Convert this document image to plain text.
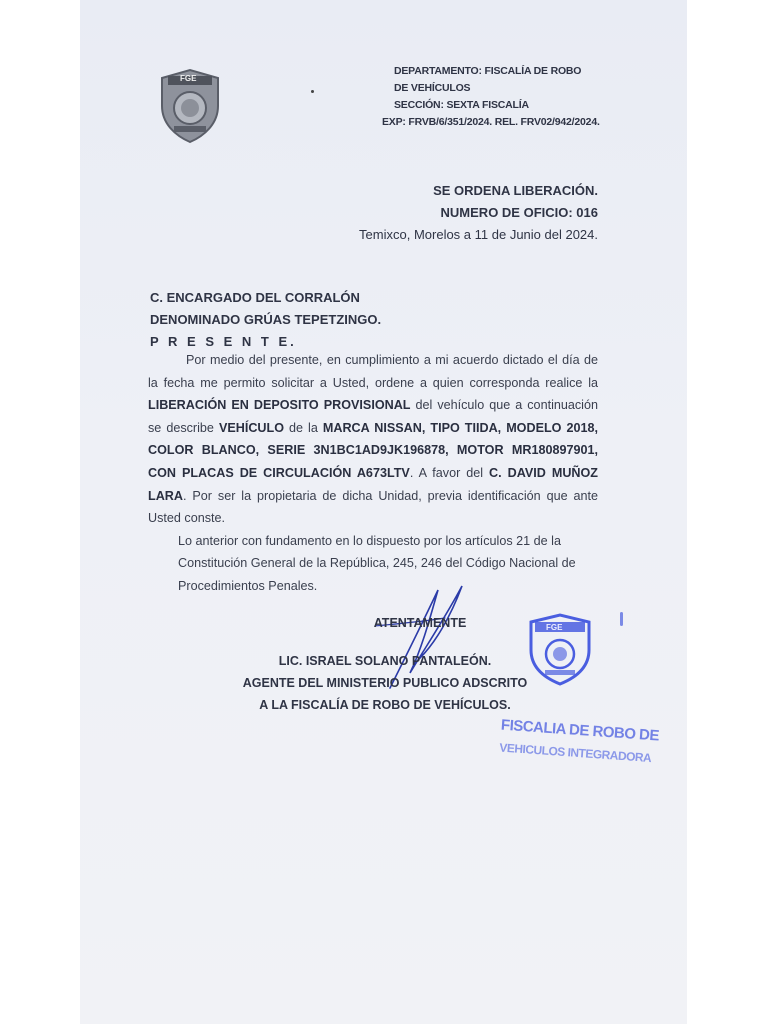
FGE
DEPARTAMENTO: FISCALÍA DE ROBO
DE VEHÍCULOS
SECCIÓN: SEXTA FISCALÍA
EXP: FRVB/6/351/2024. REL. FRV02/942/2024.
SE ORDENA LIBERACIÓN.
NUMERO DE OFICIO: 016
Temixco, Morelos a 11 de Junio del 2024.
C. ENCARGADO DEL CORRALÓN
DENOMINADO GRÚAS TEPETZINGO.
P R E S E N T E.

Por medio del presente, en cumplimiento a mi acuerdo dictado el día de la fecha me permito solicitar a Usted, ordene a quien corresponda realice la LIBERACIÓN EN DEPOSITO PROVISIONAL del vehículo que a continuación se describe VEHÍCULO de la MARCA NISSAN, TIPO TIIDA, MODELO 2018, COLOR BLANCO, SERIE 3N1BC1AD9JK196878, MOTOR MR180897901, CON PLACAS DE CIRCULACIÓN A673LTV. A favor del C. DAVID MUÑOZ LARA. Por ser la propietaria de dicha Unidad, previa identificación que ante Usted conste.

Lo anterior con fundamento en lo dispuesto por los artículos 21 de la Constitución General de la República, 245, 246 del Código Nacional de Procedimientos Penales.

ATENTAMENTE
LIC. ISRAEL SOLANO PANTALEÓN.
AGENTE DEL MINISTERIO PUBLICO ADSCRITO
A LA FISCALÍA DE ROBO DE VEHÍCULOS.
FGE
FISCALIA DE ROBO DE
VEHICULOS INTEGRADORA
